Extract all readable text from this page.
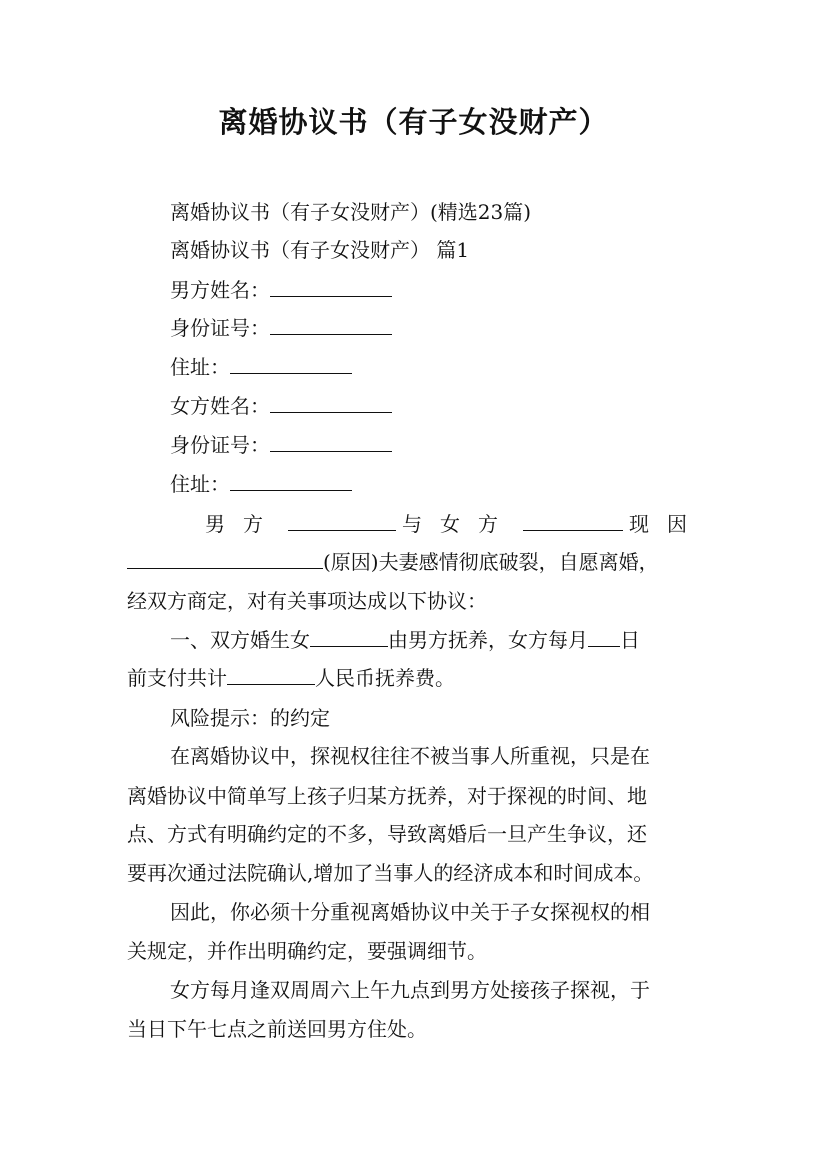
离婚协议书（有子女没财产）
离婚协议书（有子女没财产）(精选23篇)
离婚协议书（有子女没财产） 篇1
男方姓名：
身份证号：
住址：
女方姓名：
身份证号：
住址：
男方	与女方	现因
(原因)夫妻感情彻底破裂，自愿离婚，
经双方商定，对有关事项达成以下协议：
一、双方婚生女	由男方抚养，女方每月 日
前支付共计	人民币抚养费。
风险提示：的约定
在离婚协议中，探视权往往不被当事人所重视，只是在
离婚协议中简单写上孩子归某方抚养，对于探视的时间、地
点、方式有明确约定的不多，导致离婚后一旦产生争议，还
要再次通过法院确认,增加了当事人的经济成本和时间成本。
因此，你必须十分重视离婚协议中关于子女探视权的相
关规定，并作出明确约定，要强调细节。
女方每月逢双周周六上午九点到男方处接孩子探视，于
当日下午七点之前送回男方住处。
